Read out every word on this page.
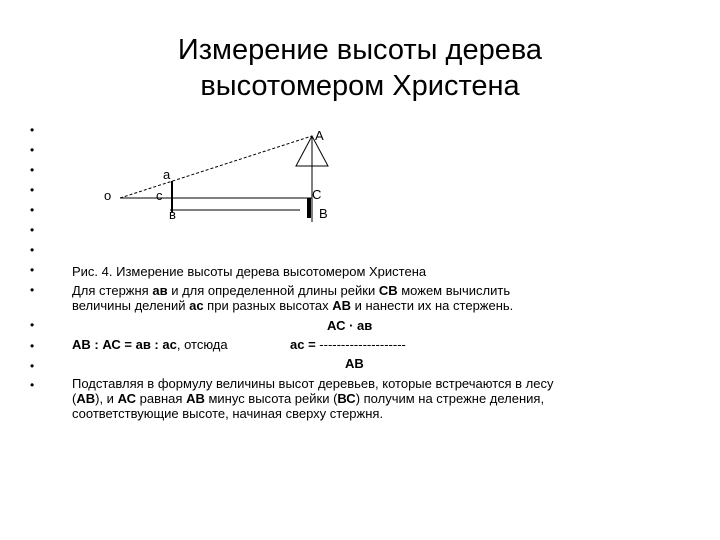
Измерение высоты дерева
высотомером Христена
•
•
•
•
•
•
•
•
•
•
•
•
•
A
a
o	c	C
в	B
Рис. 4. Измерение высоты дерева высотомером Христена
Для стержня ав и для определенной длины рейки СВ можем вычислить
величины делений ас при разных высотах АВ и нанести их на стержень.
АС · ав
АВ : АС = ав : ас, отсюда	ас = --------------------
АВ
Подставляя в формулу величины высот деревьев, которые встречаются в лесу
(АВ), и АС равная АВ минус высота рейки (ВС) получим на стрежне деления,
соответствующие высоте, начиная сверху стержня.
